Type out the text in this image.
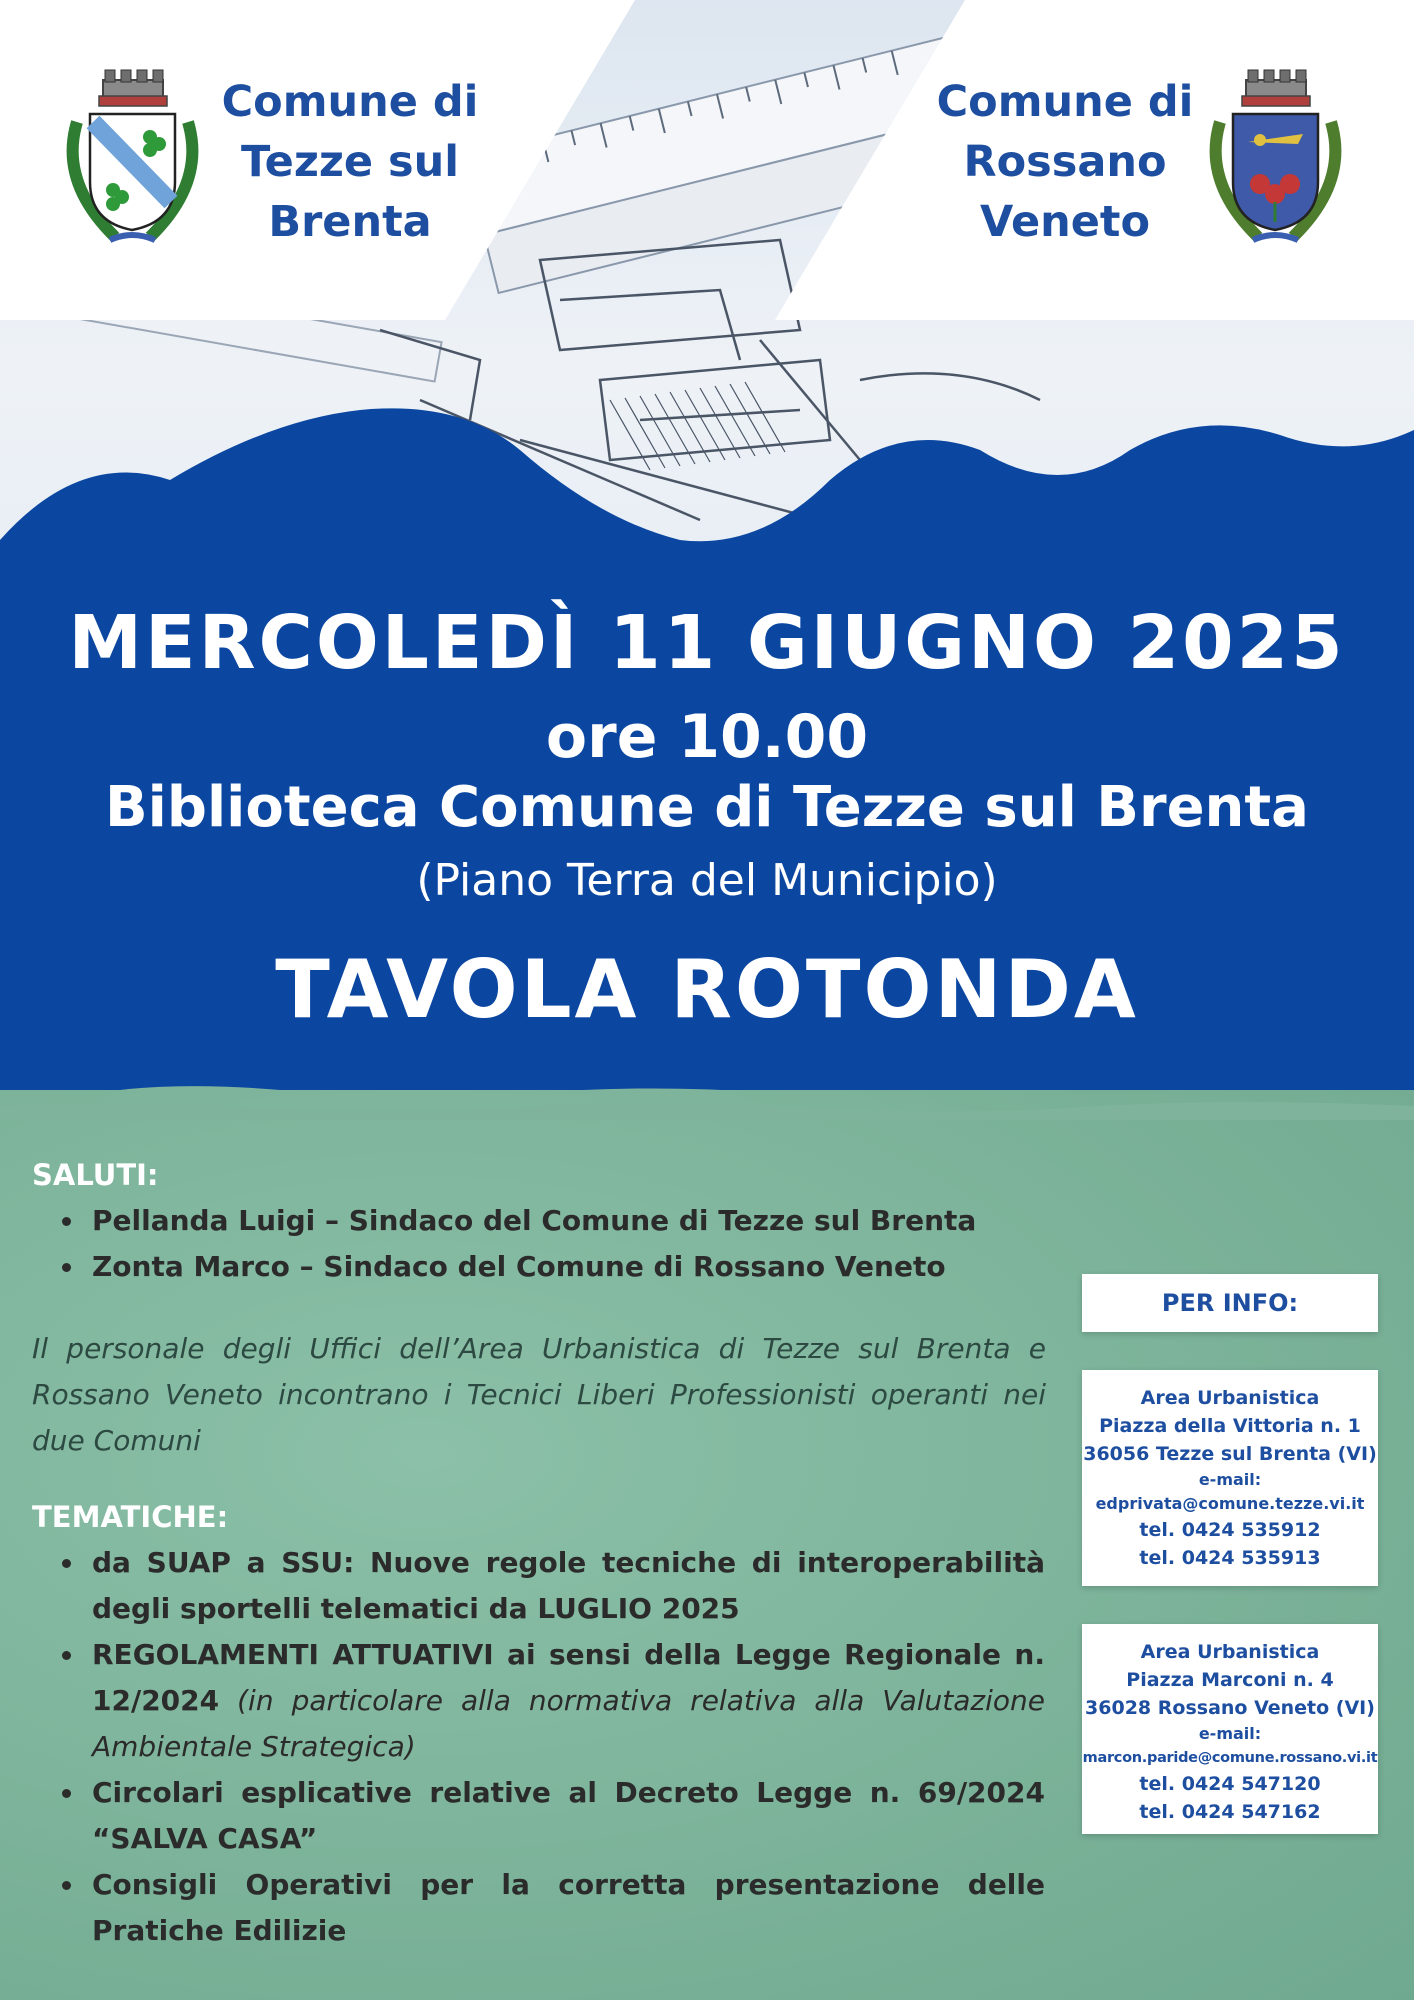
Comune di
Tezze sul
Brenta
Comune di
Rossano
Veneto
MERCOLEDÌ 11 GIUGNO 2025
ore 10.00
Biblioteca Comune di Tezze sul Brenta
(Piano Terra del Municipio)
TAVOLA ROTONDA
SALUTI:
Pellanda Luigi – Sindaco del Comune di Tezze sul Brenta
Zonta Marco – Sindaco del Comune di Rossano Veneto

Il personale degli Uffici dell’Area Urbanistica di Tezze sul Brenta e Rossano Veneto incontrano i Tecnici Liberi Professionisti operanti nei due Comuni

TEMATICHE:
da SUAP a SSU: Nuove regole tecniche di interoperabilità degli sportelli telematici da LUGLIO 2025
REGOLAMENTI ATTUATIVI ai sensi della Legge Regionale n. 12/2024 (in particolare alla normativa relativa alla Valutazione Ambientale Strategica)
Circolari esplicative relative al Decreto Legge n. 69/2024 “SALVA CASA”
Consigli Operativi per la corretta presentazione delle Pratiche Edilizie
PER INFO:
Area Urbanistica
Piazza della Vittoria n. 1
36056 Tezze sul Brenta (VI)
e-mail:
edprivata@comune.tezze.vi.it
tel. 0424 535912
tel. 0424 535913
Area Urbanistica
Piazza Marconi n. 4
36028 Rossano Veneto (VI)
e-mail:
marcon.paride@comune.rossano.vi.it
tel. 0424 547120
tel. 0424 547162
